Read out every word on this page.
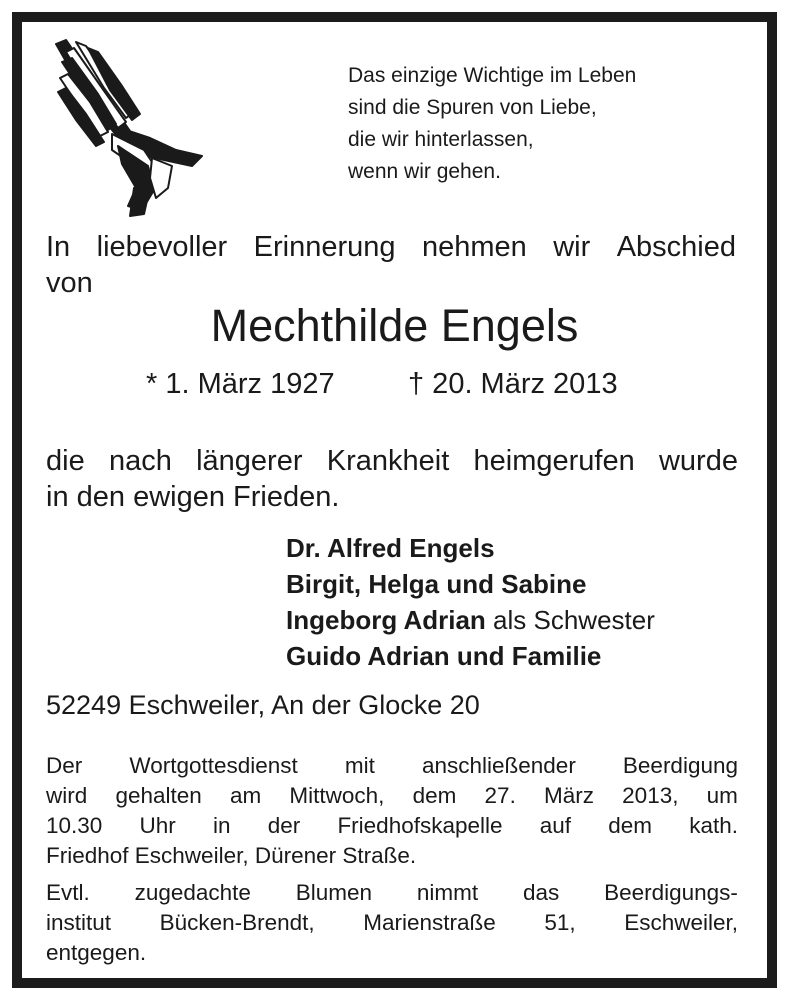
Das einzige Wichtige im Leben
sind die Spuren von Liebe,
die wir hinterlassen,
wenn wir gehen.
In liebevoller Erinnerung nehmen wir Abschied
von
Mechthilde Engels
* 1. März 1927	† 20. März 2013
die nach längerer Krankheit heimgerufen wurde
in den ewigen Frieden.
Dr. Alfred Engels
Birgit, Helga und Sabine
Ingeborg Adrian als Schwester
Guido Adrian und Familie
52249 Eschweiler, An der Glocke 20
Der Wortgottesdienst mit anschließender Beerdigung
wird gehalten am Mittwoch, dem 27. März 2013, um
10.30 Uhr in der Friedhofskapelle auf dem kath.
Friedhof Eschweiler, Dürener Straße.
Evtl. zugedachte Blumen nimmt das Beerdigungs-
institut Bücken-Brendt, Marienstraße 51, Eschweiler,
entgegen.
